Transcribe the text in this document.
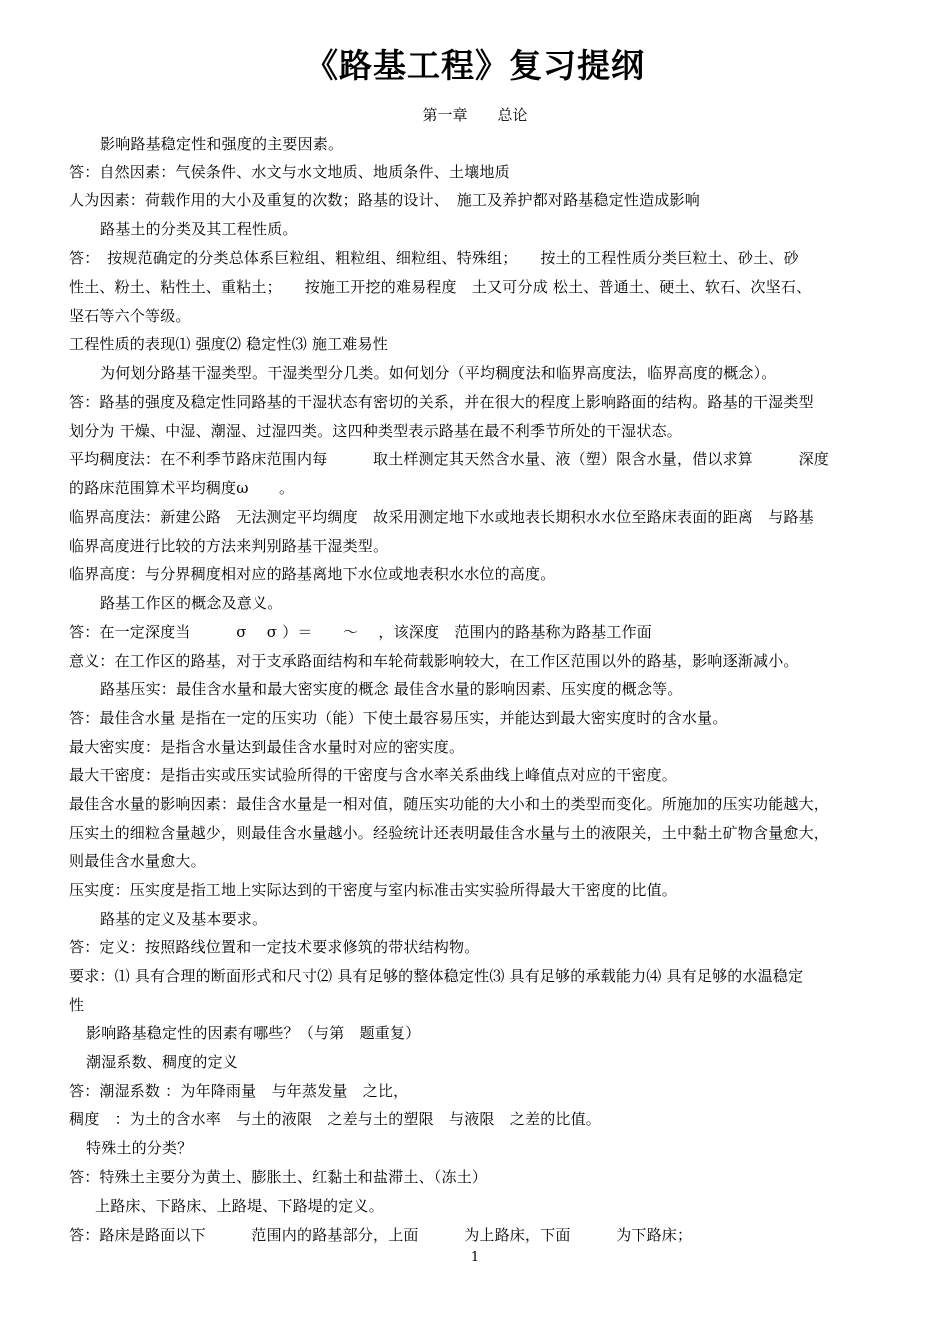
《路基工程》复习提纲
第一章　　总论
影响路基稳定性和强度的主要因素。
答：自然因素：气侯条件、水文与水文地质、地质条件、土壤地质
人为因素：荷载作用的大小及重复的次数；路基的设计、　施工及养护都对路基稳定性造成影响
路基土的分类及其工程性质。
答：　按规范确定的分类总体系巨粒组、粗粒组、细粒组、特殊组；　　按土的工程性质分类巨粒土、砂土、砂
性土、粉土、粘性土、重粘土；　　按施工开挖的难易程度　土又可分成 松土、普通土、硬土、软石、次坚石、
坚石等六个等级。
工程性质的表现⑴ 强度⑵ 稳定性⑶ 施工难易性
为何划分路基干湿类型。干湿类型分几类。如何划分（平均稠度法和临界高度法，临界高度的概念）。
答：路基的强度及稳定性同路基的干湿状态有密切的关系，并在很大的程度上影响路面的结构。路基的干湿类型
划分为 干燥、中湿、潮湿、过湿四类。这四种类型表示路基在最不利季节所处的干湿状态。
平均稠度法：在不利季节路床范围内每　　　取土样测定其天然含水量、液（塑）限含水量，借以求算　　　深度
的路床范围算术平均稠度ω　　。
临界高度法：新建公路　无法测定平均绸度　故采用测定地下水或地表长期积水水位至路床表面的距离　与路基
临界高度进行比较的方法来判别路基干湿类型。
临界高度：与分界稠度相对应的路基离地下水位或地表积水水位的高度。
路基工作区的概念及意义。
答：在一定深度当　　　σ　 σ ）＝　　～　 ，该深度　范围内的路基称为路基工作面
意义：在工作区的路基，对于支承路面结构和车轮荷载影响较大，在工作区范围以外的路基，影响逐渐减小。
路基压实：最佳含水量和最大密实度的概念 最佳含水量的影响因素、压实度的概念等。
答：最佳含水量 是指在一定的压实功（能）下使土最容易压实，并能达到最大密实度时的含水量。
最大密实度：是指含水量达到最佳含水量时对应的密实度。
最大干密度：是指击实或压实试验所得的干密度与含水率关系曲线上峰值点对应的干密度。
最佳含水量的影响因素：最佳含水量是一相对值，随压实功能的大小和土的类型而变化。所施加的压实功能越大，
压实土的细粒含量越少，则最佳含水量越小。经验统计还表明最佳含水量与土的液限关，土中黏土矿物含量愈大，
则最佳含水量愈大。
压实度：压实度是指工地上实际达到的干密度与室内标准击实实验所得最大干密度的比值。
路基的定义及基本要求。
答：定义：按照路线位置和一定技术要求修筑的带状结构物。
要求：⑴ 具有合理的断面形式和尺寸⑵ 具有足够的整体稳定性⑶ 具有足够的承载能力⑷ 具有足够的水温稳定
性
影响路基稳定性的因素有哪些？（与第　题重复）
潮湿系数、稠度的定义
答：潮湿系数 ：为年降雨量　与年蒸发量　之比，
稠度　：为土的含水率　与土的液限　之差与土的塑限　与液限　之差的比值。
特殊土的分类？
答：特殊土主要分为黄土、膨胀土、红黏土和盐滞土、（冻土）
上路床、下路床、上路堤、下路堤的定义。
答：路床是路面以下　　　范围内的路基部分，上面　　　为上路床，下面　　　为下路床；
1
